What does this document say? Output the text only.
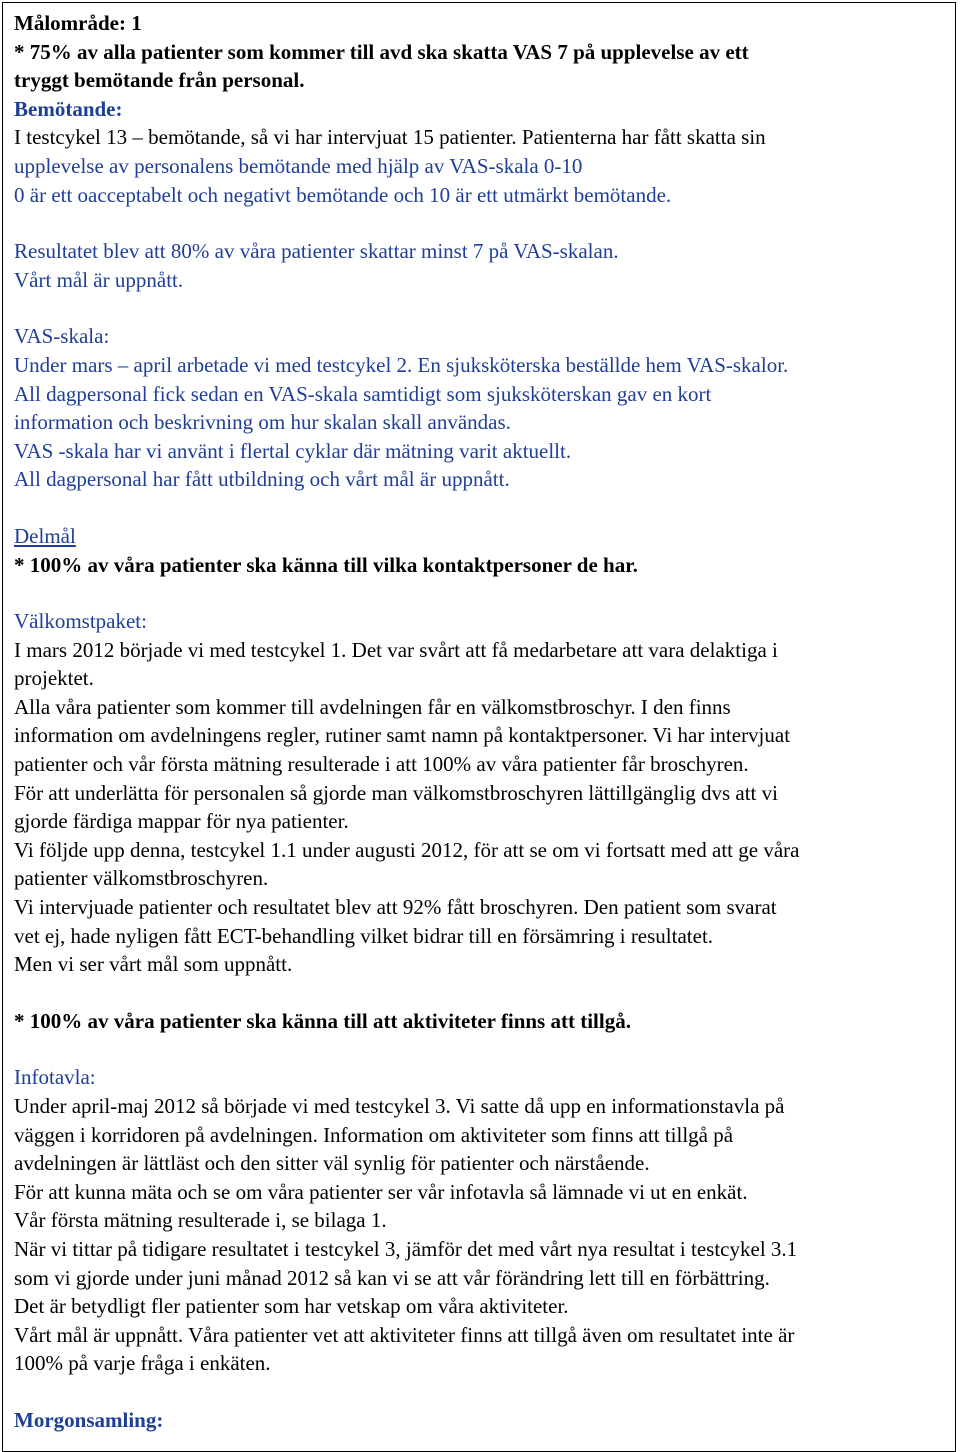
Målområde: 1
* 75% av alla patienter som kommer till avd ska skatta VAS 7 på upplevelse av ett
tryggt bemötande från personal.
Bemötande:
I testcykel 13 – bemötande, så vi har intervjuat 15 patienter. Patienterna har fått skatta sin
upplevelse av personalens bemötande med hjälp av VAS-skala 0-10
0 är ett oacceptabelt och negativt bemötande och 10 är ett utmärkt bemötande.
Resultatet blev att 80% av våra patienter skattar minst 7 på VAS-skalan.
Vårt mål är uppnått.
VAS-skala:
Under mars – april arbetade vi med testcykel 2. En sjuksköterska beställde hem VAS-skalor.
All dagpersonal fick sedan en VAS-skala samtidigt som sjuksköterskan gav en kort
information och beskrivning om hur skalan skall användas.
VAS -skala har vi använt i flertal cyklar där mätning varit aktuellt.
All dagpersonal har fått utbildning och vårt mål är uppnått.
Delmål
* 100% av våra patienter ska känna till vilka kontaktpersoner de har.
Välkomstpaket:
I mars 2012 började vi med testcykel 1. Det var svårt att få medarbetare att vara delaktiga i
projektet.
Alla våra patienter som kommer till avdelningen får en välkomstbroschyr. I den finns
information om avdelningens regler, rutiner samt namn på kontaktpersoner. Vi har intervjuat
patienter och vår första mätning resulterade i att 100% av våra patienter får broschyren.
För att underlätta för personalen så gjorde man välkomstbroschyren lättillgänglig dvs att vi
gjorde färdiga mappar för nya patienter.
Vi följde upp denna, testcykel 1.1 under augusti 2012, för att se om vi fortsatt med att ge våra
patienter välkomstbroschyren.
Vi intervjuade patienter och resultatet blev att 92% fått broschyren. Den patient som svarat
vet ej, hade nyligen fått ECT-behandling vilket bidrar till en försämring i resultatet.
Men vi ser vårt mål som uppnått.
* 100% av våra patienter ska känna till att aktiviteter finns att tillgå.
Infotavla:
Under april-maj 2012 så började vi med testcykel 3. Vi satte då upp en informationstavla på
väggen i korridoren på avdelningen. Information om aktiviteter som finns att tillgå på
avdelningen är lättläst och den sitter väl synlig för patienter och närstående.
För att kunna mäta och se om våra patienter ser vår infotavla så lämnade vi ut en enkät.
Vår första mätning resulterade i, se bilaga 1.
När vi tittar på tidigare resultatet i testcykel 3, jämför det med vårt nya resultat i testcykel 3.1
som vi gjorde under juni månad 2012 så kan vi se att vår förändring lett till en förbättring.
Det är betydligt fler patienter som har vetskap om våra aktiviteter.
Vårt mål är uppnått. Våra patienter vet att aktiviteter finns att tillgå även om resultatet inte är
100% på varje fråga i enkäten.
Morgonsamling:
